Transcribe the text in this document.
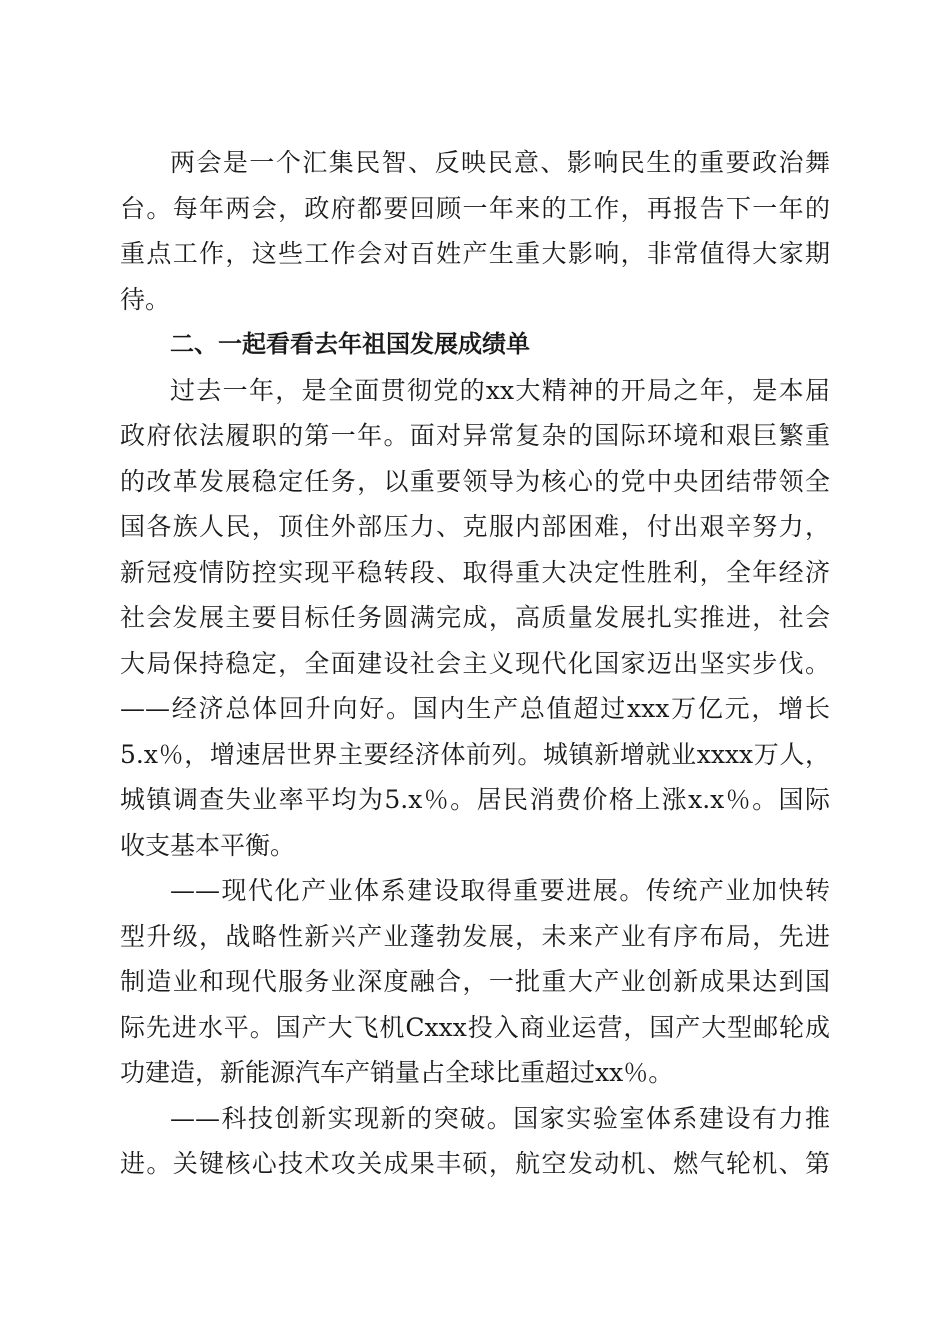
两会是一个汇集民智、反映民意、影响民生的重要政治舞
台。每年两会，政府都要回顾一年来的工作，再报告下一年的
重点工作，这些工作会对百姓产生重大影响，非常值得大家期
待。
二、一起看看去年祖国发展成绩单
过去一年，是全面贯彻党的xx大精神的开局之年，是本届
政府依法履职的第一年。面对异常复杂的国际环境和艰巨繁重
的改革发展稳定任务，以重要领导为核心的党中央团结带领全
国各族人民，顶住外部压力、克服内部困难，付出艰辛努力，
新冠疫情防控实现平稳转段、取得重大决定性胜利，全年经济
社会发展主要目标任务圆满完成，高质量发展扎实推进，社会
大局保持稳定，全面建设社会主义现代化国家迈出坚实步伐。
——经济总体回升向好。国内生产总值超过xxx万亿元，增长
5.x％，增速居世界主要经济体前列。城镇新增就业xxxx万人，
城镇调查失业率平均为5.x％。居民消费价格上涨x.x％。国际
收支基本平衡。
——现代化产业体系建设取得重要进展。传统产业加快转
型升级，战略性新兴产业蓬勃发展，未来产业有序布局，先进
制造业和现代服务业深度融合，一批重大产业创新成果达到国
际先进水平。国产大飞机Cxxx投入商业运营，国产大型邮轮成
功建造，新能源汽车产销量占全球比重超过xx％。
——科技创新实现新的突破。国家实验室体系建设有力推
进。关键核心技术攻关成果丰硕，航空发动机、燃气轮机、第
